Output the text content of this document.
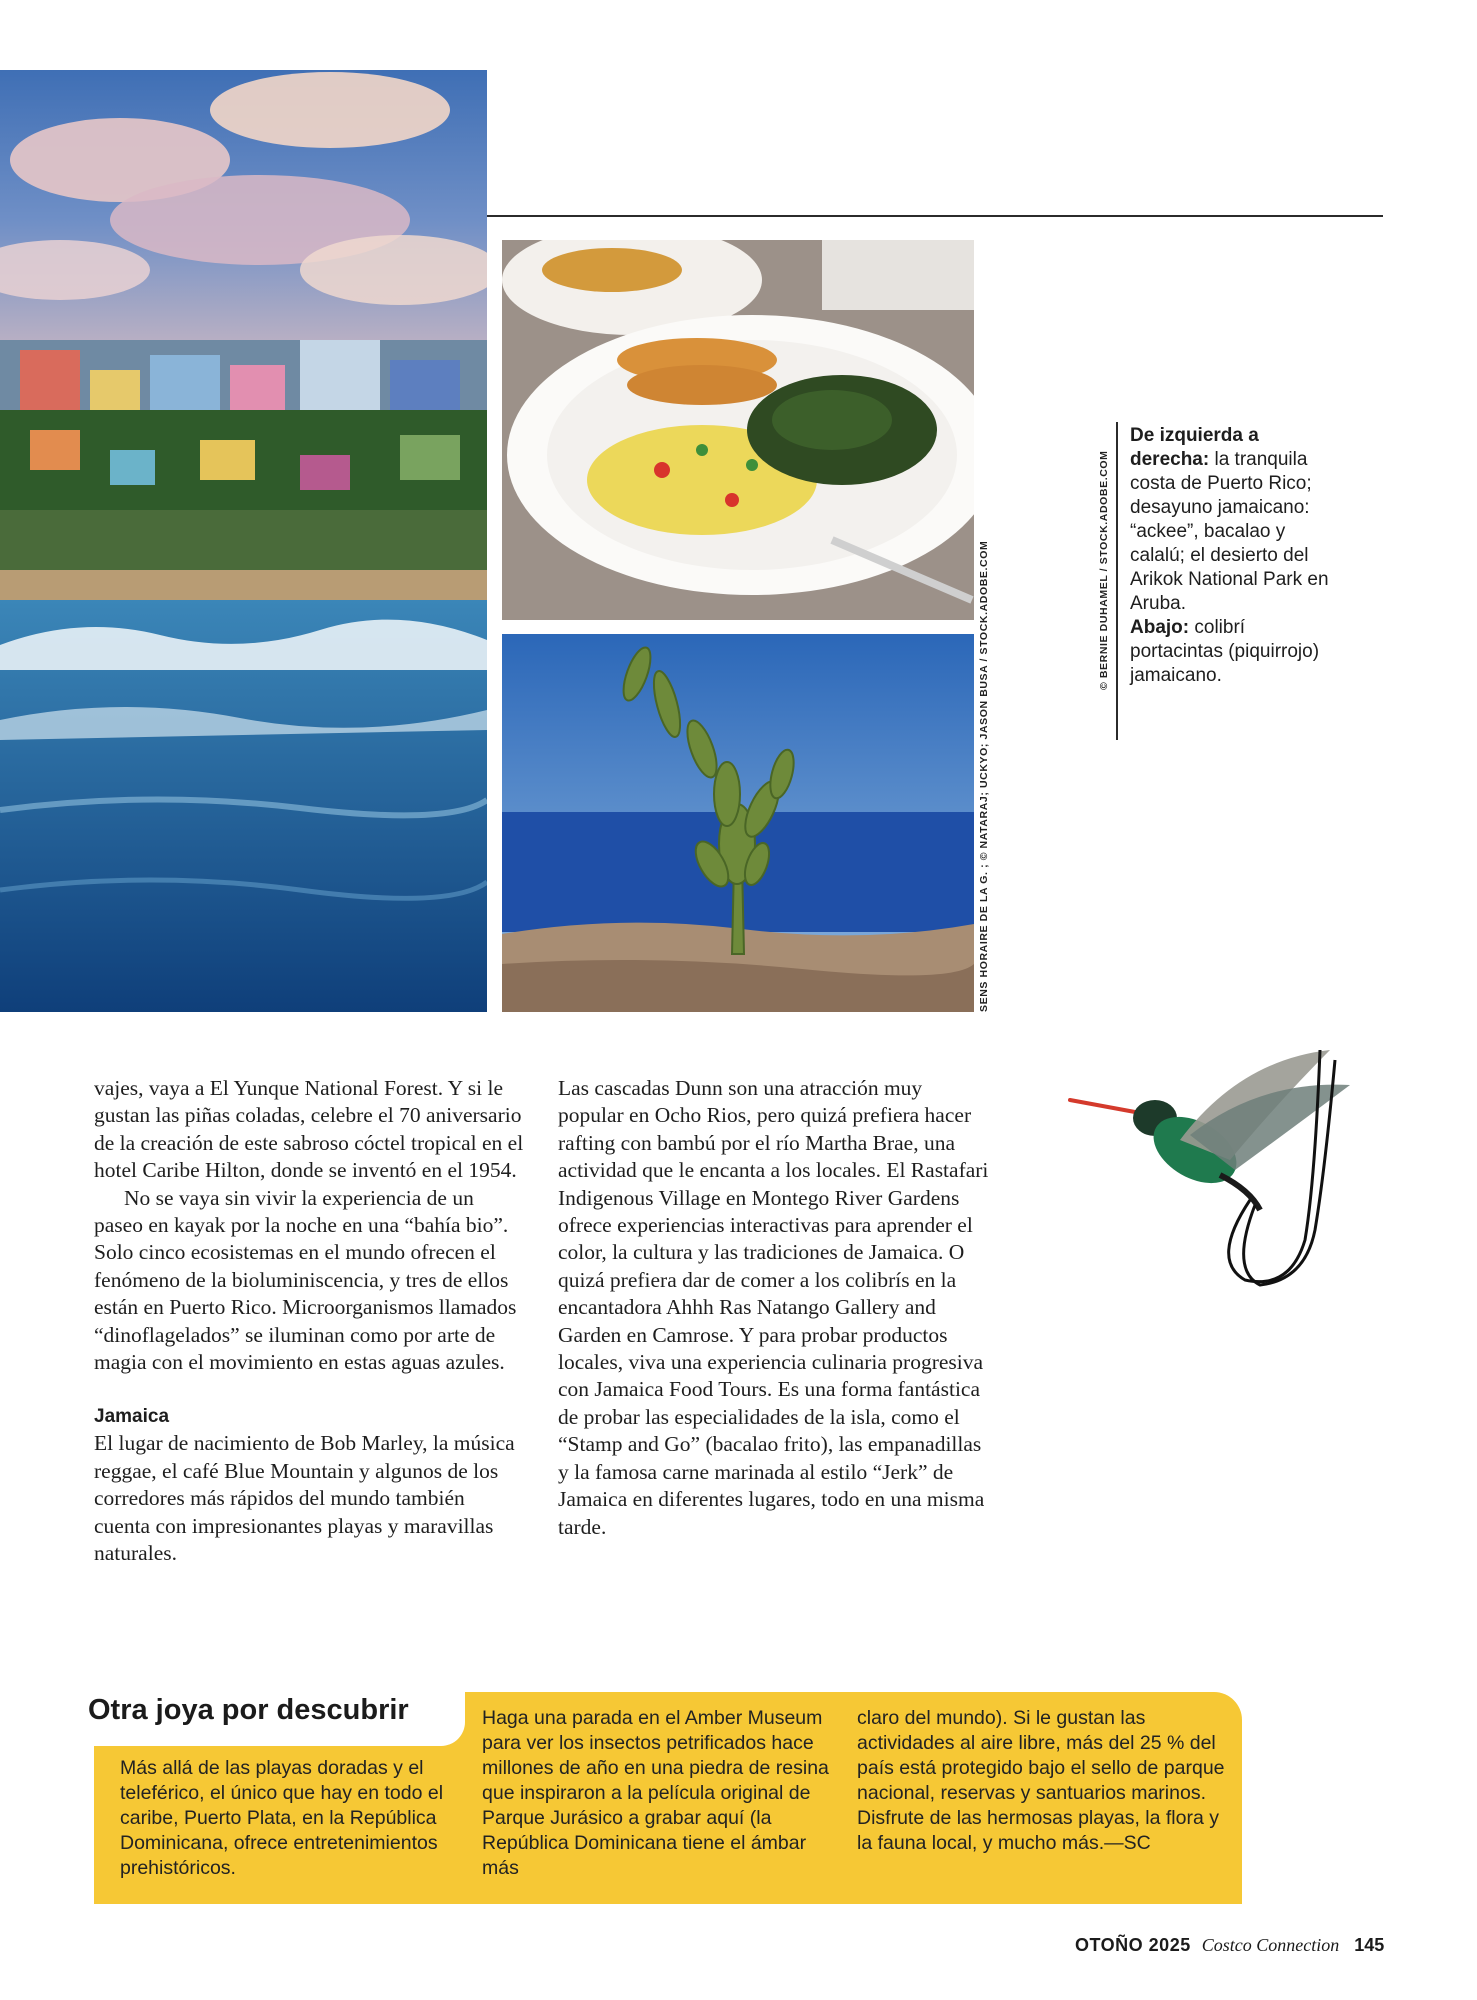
SENS HORAIRE DE LA G. ; © NATARAJ; UCKYO; JASON BUSA / STOCK.ADOBE.COM	© BERNIE DUHAMEL / STOCK.ADOBE.COM
De izquierda a derecha: la tranquila costa de Puerto Rico; desayuno jamaicano: “ackee”, bacalao y calalú; el desierto del Arikok National Park en Aruba.
Abajo: colibrí portacintas (piquirrojo) jamaicano.

vajes, vaya a El Yunque National Forest. Y si le gustan las piñas coladas, celebre el 70 aniversario de la creación de este sabroso cóctel tropical en el hotel Caribe Hilton, donde se inventó en el 1954.

No se vaya sin vivir la experiencia de un paseo en kayak por la noche en una “bahía bio”. Solo cinco ecosistemas en el mundo ofrecen el fenómeno de la bioluminiscencia, y tres de ellos están en Puerto Rico. Microorganismos llamados “dinoflagelados” se iluminan como por arte de magia con el movimiento en estas aguas azules.

Jamaica

El lugar de nacimiento de Bob Marley, la música reggae, el café Blue Mountain y algunos de los corredores más rápidos del mundo también cuenta con impresionantes playas y maravillas naturales.

Las cascadas Dunn son una atracción muy popular en Ocho Rios, pero quizá prefiera hacer rafting con bambú por el río Martha Brae, una actividad que le encanta a los locales. El Rastafari Indigenous Village en Montego River Gardens ofrece experiencias interactivas para aprender el color, la cultura y las tradiciones de Jamaica. O quizá prefiera dar de comer a los colibrís en la encantadora Ahhh Ras Natango Gallery and Garden en Camrose. Y para probar productos locales, viva una experiencia culinaria progresiva con Jamaica Food Tours. Es una forma fantástica de probar las especialidades de la isla, como el “Stamp and Go” (bacalao frito), las empanadillas y la famosa carne marinada al estilo “Jerk” de Jamaica en diferentes lugares, todo en una misma tarde.

Otra joya por descubrir
Más allá de las playas doradas y el teleférico, el único que hay en todo el caribe, Puerto Plata, en la República Dominicana, ofrece entretenimientos prehistóricos.
Haga una parada en el Amber Museum para ver los insectos petrificados hace millones de año en una piedra de resina que inspiraron a la película original de Parque Jurásico a grabar aquí (la República Dominicana tiene el ámbar más
claro del mundo). Si le gustan las actividades al aire libre, más del 25 % del país está protegido bajo el sello de parque nacional, reservas y santuarios marinos. Disfrute de las hermosas playas, la flora y la fauna local, y mucho más.—SC
OTOÑO 2025 Costco Connection 145
